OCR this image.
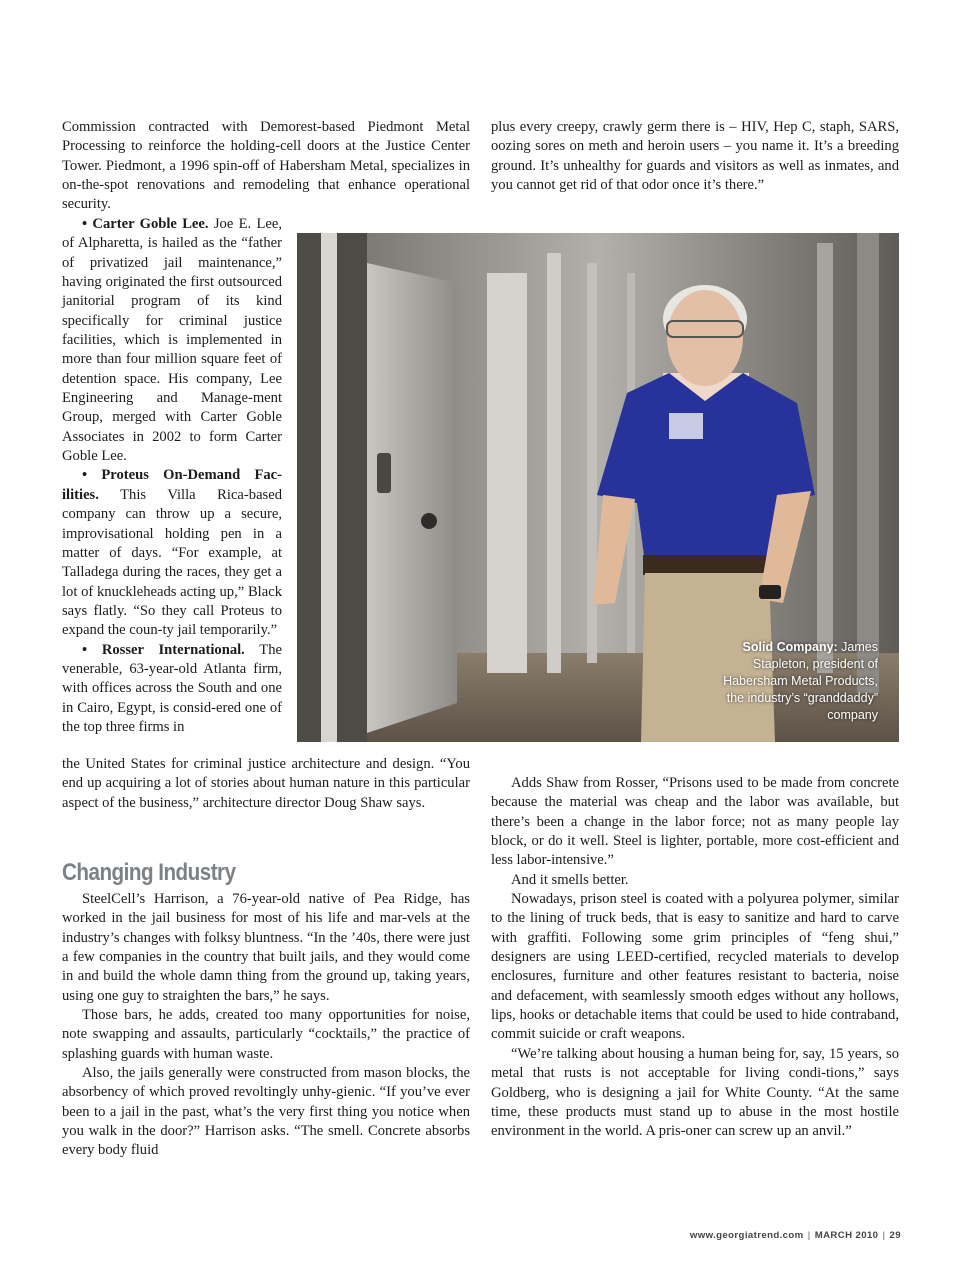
Commission contracted with Demorest-based Piedmont Metal Processing to reinforce the holding-cell doors at the Justice Center Tower. Piedmont, a 1996 spin-off of Habersham Metal, specializes in on-the-spot renovations and remodeling that enhance operational security.

• Carter Goble Lee. Joe E. Lee, of Alpharetta, is hailed as the “father of privatized jail maintenance,” having originated the first outsourced janitorial program of its kind specifically for criminal justice facilities, which is implemented in more than four million square feet of detention space. His company, Lee Engineering and Manage-ment Group, merged with Carter Goble Associates in 2002 to form Carter Goble Lee.

• Proteus On-Demand Fac-ilities. This Villa Rica-based company can throw up a secure, improvisational holding pen in a matter of days. “For example, at Talladega during the races, they get a lot of knuckleheads acting up,” Black says flatly. “So they call Proteus to expand the coun-ty jail temporarily.”

• Rosser International. The venerable, 63-year-old Atlanta firm, with offices across the South and one in Cairo, Egypt, is consid-ered one of the top three firms in

the United States for criminal justice architecture and design. “You end up acquiring a lot of stories about human nature in this particular aspect of the business,” architecture director Doug Shaw says.

Changing Industry

SteelCell’s Harrison, a 76-year-old native of Pea Ridge, has worked in the jail business for most of his life and mar-vels at the industry’s changes with folksy bluntness. “In the ’40s, there were just a few companies in the country that built jails, and they would come in and build the whole damn thing from the ground up, taking years, using one guy to straighten the bars,” he says.

Those bars, he adds, created too many opportunities for noise, note swapping and assaults, particularly “cocktails,” the practice of splashing guards with human waste.

Also, the jails generally were constructed from mason blocks, the absorbency of which proved revoltingly unhy-gienic. “If you’ve ever been to a jail in the past, what’s the very first thing you notice when you walk in the door?” Harrison asks. “The smell. Concrete absorbs every body fluid

plus every creepy, crawly germ there is – HIV, Hep C, staph, SARS, oozing sores on meth and heroin users – you name it. It’s a breeding ground. It’s unhealthy for guards and visitors as well as inmates, and you cannot get rid of that odor once it’s there.”

Solid Company: James Stapleton, president of Habersham Metal Products, the industry’s “granddaddy” company

Adds Shaw from Rosser, “Prisons used to be made from concrete because the material was cheap and the labor was available, but there’s been a change in the labor force; not as many people lay block, or do it well. Steel is lighter, portable, more cost-efficient and less labor-intensive.”

And it smells better.

Nowadays, prison steel is coated with a polyurea polymer, similar to the lining of truck beds, that is easy to sanitize and hard to carve with graffiti. Following some grim principles of “feng shui,” designers are using LEED-certified, recycled materials to develop enclosures, furniture and other features resistant to bacteria, noise and defacement, with seamlessly smooth edges without any hollows, lips, hooks or detachable items that could be used to hide contraband, commit suicide or craft weapons.

“We’re talking about housing a human being for, say, 15 years, so metal that rusts is not acceptable for living condi-tions,” says Goldberg, who is designing a jail for White County. “At the same time, these products must stand up to abuse in the most hostile environment in the world. A pris-oner can screw up an anvil.”

www.georgiatrend.com | MARCH 2010 | 29
